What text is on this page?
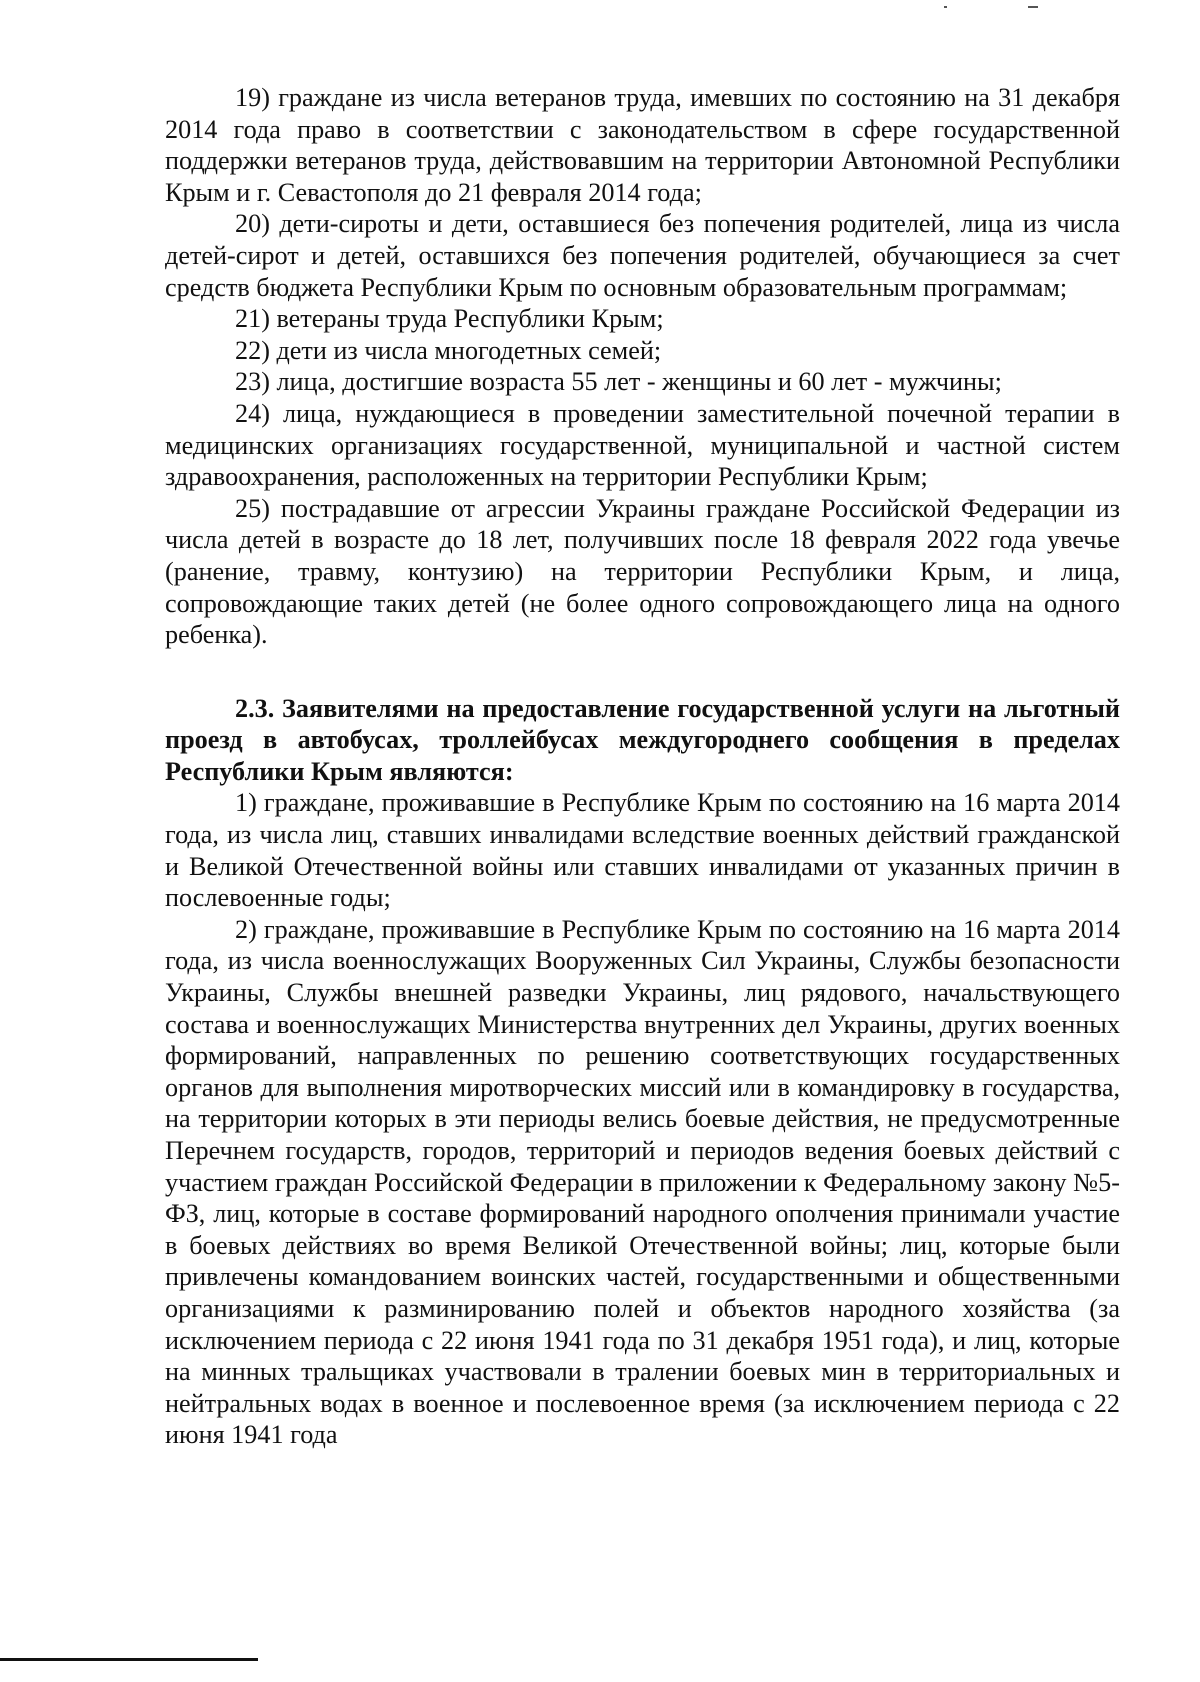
19) граждане из числа ветеранов труда, имевших по состоянию на 31 декабря 2014 года право в соответствии с законодательством в сфере государственной поддержки ветеранов труда, действовавшим на территории Автономной Республики Крым и г. Севастополя до 21 февраля 2014 года;

20) дети-сироты и дети, оставшиеся без попечения родителей, лица из числа детей-сирот и детей, оставшихся без попечения родителей, обучающиеся за счет средств бюджета Республики Крым по основным образовательным программам;

21) ветераны труда Республики Крым;

22) дети из числа многодетных семей;

23) лица, достигшие возраста 55 лет - женщины и 60 лет - мужчины;

24) лица, нуждающиеся в проведении заместительной почечной терапии в медицинских организациях государственной, муниципальной и частной систем здравоохранения, расположенных на территории Республики Крым;

25) пострадавшие от агрессии Украины граждане Российской Федерации из числа детей в возрасте до 18 лет, получивших после 18 февраля 2022 года увечье (ранение, травму, контузию) на территории Республики Крым, и лица, сопровождающие таких детей (не более одного сопровождающего лица на одного ребенка).

2.3. Заявителями на предоставление государственной услуги на льготный проезд в автобусах, троллейбусах междугороднего сообщения в пределах Республики Крым являются:

1) граждане, проживавшие в Республике Крым по состоянию на 16 марта 2014 года, из числа лиц, ставших инвалидами вследствие военных действий гражданской и Великой Отечественной войны или ставших инвалидами от указанных причин в послевоенные годы;

2) граждане, проживавшие в Республике Крым по состоянию на 16 марта 2014 года, из числа военнослужащих Вооруженных Сил Украины, Службы безопасности Украины, Службы внешней разведки Украины, лиц рядового, начальствующего состава и военнослужащих Министерства внутренних дел Украины, других военных формирований, направленных по решению соответствующих государственных органов для выполнения миротворческих миссий или в командировку в государства, на территории которых в эти периоды велись боевые действия, не предусмотренные Перечнем государств, городов, территорий и периодов ведения боевых действий с участием граждан Российской Федерации в приложении к Федеральному закону №5-ФЗ, лиц, которые в составе формирований народного ополчения принимали участие в боевых действиях во время Великой Отечественной войны; лиц, которые были привлечены командованием воинских частей, государственными и общественными организациями к разминированию полей и объектов народного хозяйства (за исключением периода с 22 июня 1941 года по 31 декабря 1951 года), и лиц, которые на минных тральщиках участвовали в тралении боевых мин в территориальных и нейтральных водах в военное и послевоенное время (за исключением периода с 22 июня 1941 года
